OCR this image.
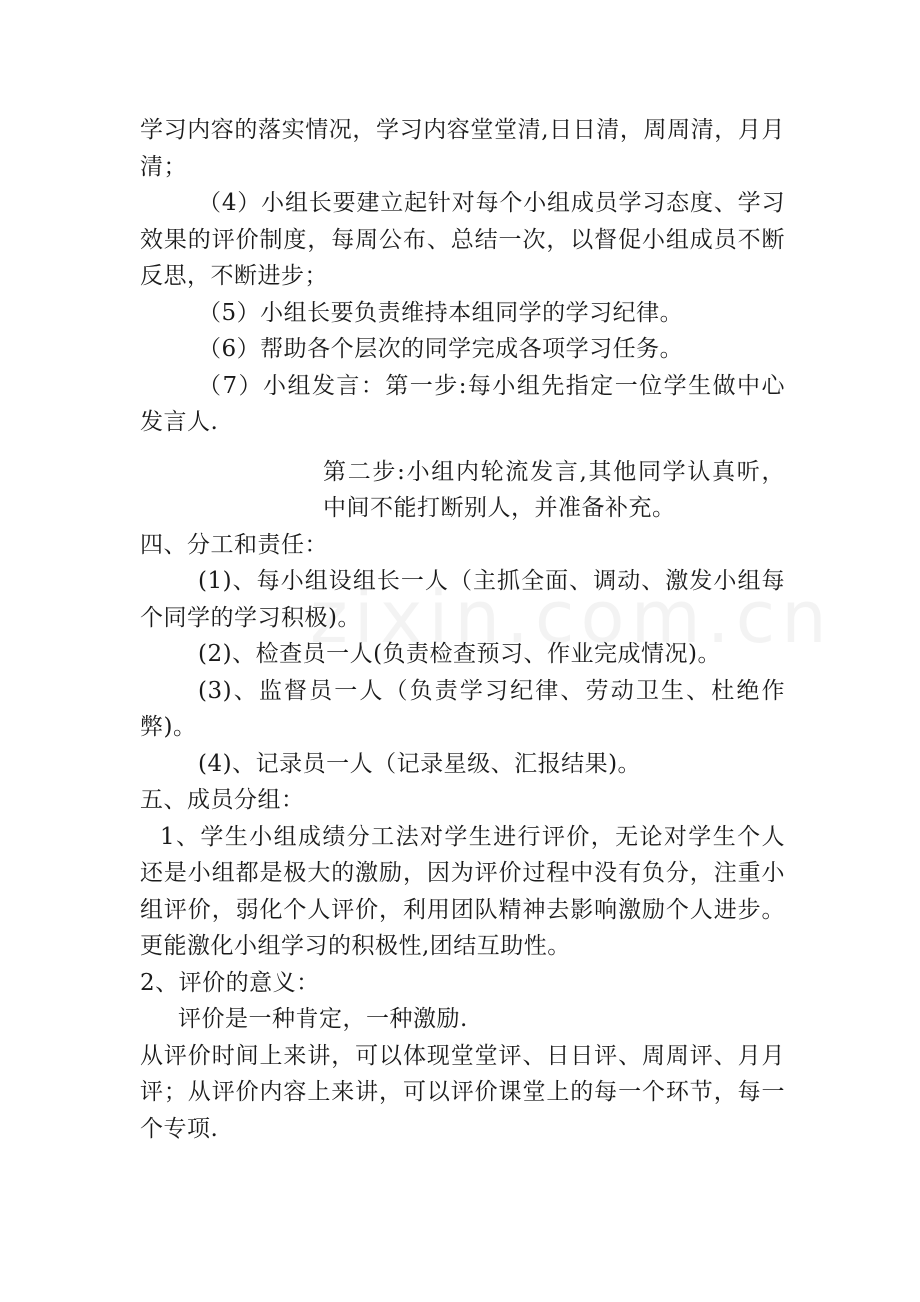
学习内容的落实情况，学习内容堂堂清,日日清，周周清，月月清；

（4）小组长要建立起针对每个小组成员学习态度、学习效果的评价制度，每周公布、总结一次，以督促小组成员不断反思，不断进步；

（5）小组长要负责维持本组同学的学习纪律。

（6）帮助各个层次的同学完成各项学习任务。

（7）小组发言：第一步:每小组先指定一位学生做中心发言人.

第二步:小组内轮流发言,其他同学认真听，中间不能打断别人，并准备补充。

四、分工和责任：

(1)、每小组设组长一人（主抓全面、调动、激发小组每个同学的学习积极)。

(2)、检查员一人(负责检查预习、作业完成情况)。

(3)、监督员一人（负责学习纪律、劳动卫生、杜绝作弊)。

(4)、记录员一人（记录星级、汇报结果)。

五、成员分组：

1、学生小组成绩分工法对学生进行评价，无论对学生个人还是小组都是极大的激励，因为评价过程中没有负分，注重小组评价，弱化个人评价，利用团队精神去影响激励个人进步。更能激化小组学习的积极性,团结互助性。

2、评价的意义：

评价是一种肯定，一种激励.

从评价时间上来讲，可以体现堂堂评、日日评、周周评、月月评；从评价内容上来讲，可以评价课堂上的每一个环节，每一个专项.
